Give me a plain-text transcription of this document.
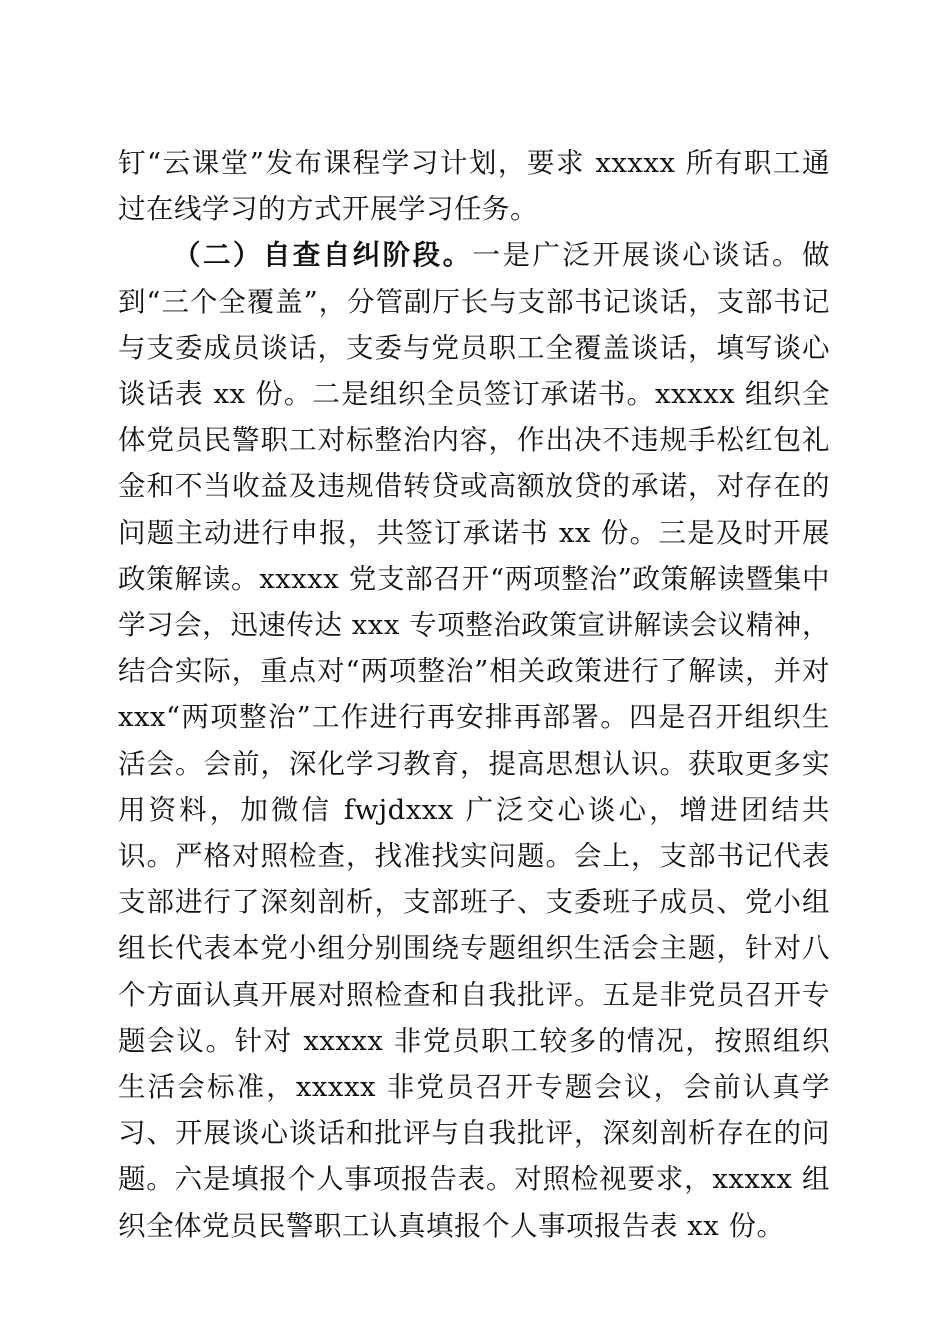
钉“云课堂”发布课程学习计划，要求 xxxxx 所有职工通过在线学习的方式开展学习任务。

（二）自查自纠阶段。一是广泛开展谈心谈话。做到“三个全覆盖”，分管副厅长与支部书记谈话，支部书记与支委成员谈话，支委与党员职工全覆盖谈话，填写谈心谈话表 xx 份。二是组织全员签订承诺书。xxxxx 组织全体党员民警职工对标整治内容，作出决不违规手松红包礼金和不当收益及违规借转贷或高额放贷的承诺，对存在的问题主动进行申报，共签订承诺书 xx 份。三是及时开展政策解读。xxxxx 党支部召开“两项整治”政策解读暨集中学习会，迅速传达 xxx 专项整治政策宣讲解读会议精神，结合实际，重点对“两项整治”相关政策进行了解读，并对 xxx“两项整治”工作进行再安排再部署。四是召开组织生活会。会前，深化学习教育，提高思想认识。获取更多实用资料，加微信 fwjdxxx 广泛交心谈心，增进团结共识。严格对照检查，找准找实问题。会上，支部书记代表支部进行了深刻剖析，支部班子、支委班子成员、党小组组长代表本党小组分别围绕专题组织生活会主题，针对八个方面认真开展对照检查和自我批评。五是非党员召开专题会议。针对 xxxxx 非党员职工较多的情况，按照组织生活会标准，xxxxx 非党员召开专题会议，会前认真学习、开展谈心谈话和批评与自我批评，深刻剖析存在的问题。六是填报个人事项报告表。对照检视要求，xxxxx 组织全体党员民警职工认真填报个人事项报告表 xx 份。
